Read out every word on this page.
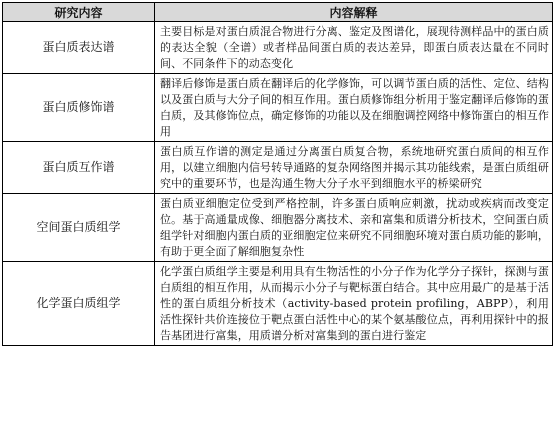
研究内容	内容解释
蛋白质表达谱	主要目标是对蛋白质混合物进行分离、鉴定及图谱化，展现待测样品中的蛋白质的表达全貌（全谱）或者样品间蛋白质的表达差异，即蛋白质表达量在不同时间、不同条件下的动态变化
蛋白质修饰谱	翻译后修饰是蛋白质在翻译后的化学修饰，可以调节蛋白质的活性、定位、结构以及蛋白质与大分子间的相互作用。蛋白质修饰组分析用于鉴定翻译后修饰的蛋白质，及其修饰位点，确定修饰的功能以及在细胞调控网络中修饰蛋白的相互作用
蛋白质互作谱	蛋白质互作谱的测定是通过分离蛋白质复合物，系统地研究蛋白质间的相互作用，以建立细胞内信号转导通路的复杂网络图并揭示其功能线索，是蛋白质组研究中的重要环节，也是沟通生物大分子水平到细胞水平的桥梁研究
空间蛋白质组学	蛋白质亚细胞定位受到严格控制，许多蛋白质响应刺激，扰动或疾病而改变定位。基于高通量成像、细胞器分离技术、亲和富集和质谱分析技术，空间蛋白质组学针对细胞内蛋白质的亚细胞定位来研究不同细胞环境对蛋白质功能的影响，有助于更全面了解细胞复杂性
化学蛋白质组学	化学蛋白质组学主要是利用具有生物活性的小分子作为化学分子探针，探测与蛋白质组的相互作用，从而揭示小分子与靶标蛋白结合。其中应用最广的是基于活性的蛋白质组分析技术（activity-based protein profiling，ABPP），利用活性探针共价连接位于靶点蛋白活性中心的某个氨基酸位点，再利用探针中的报告基团进行富集，用质谱分析对富集到的蛋白进行鉴定
